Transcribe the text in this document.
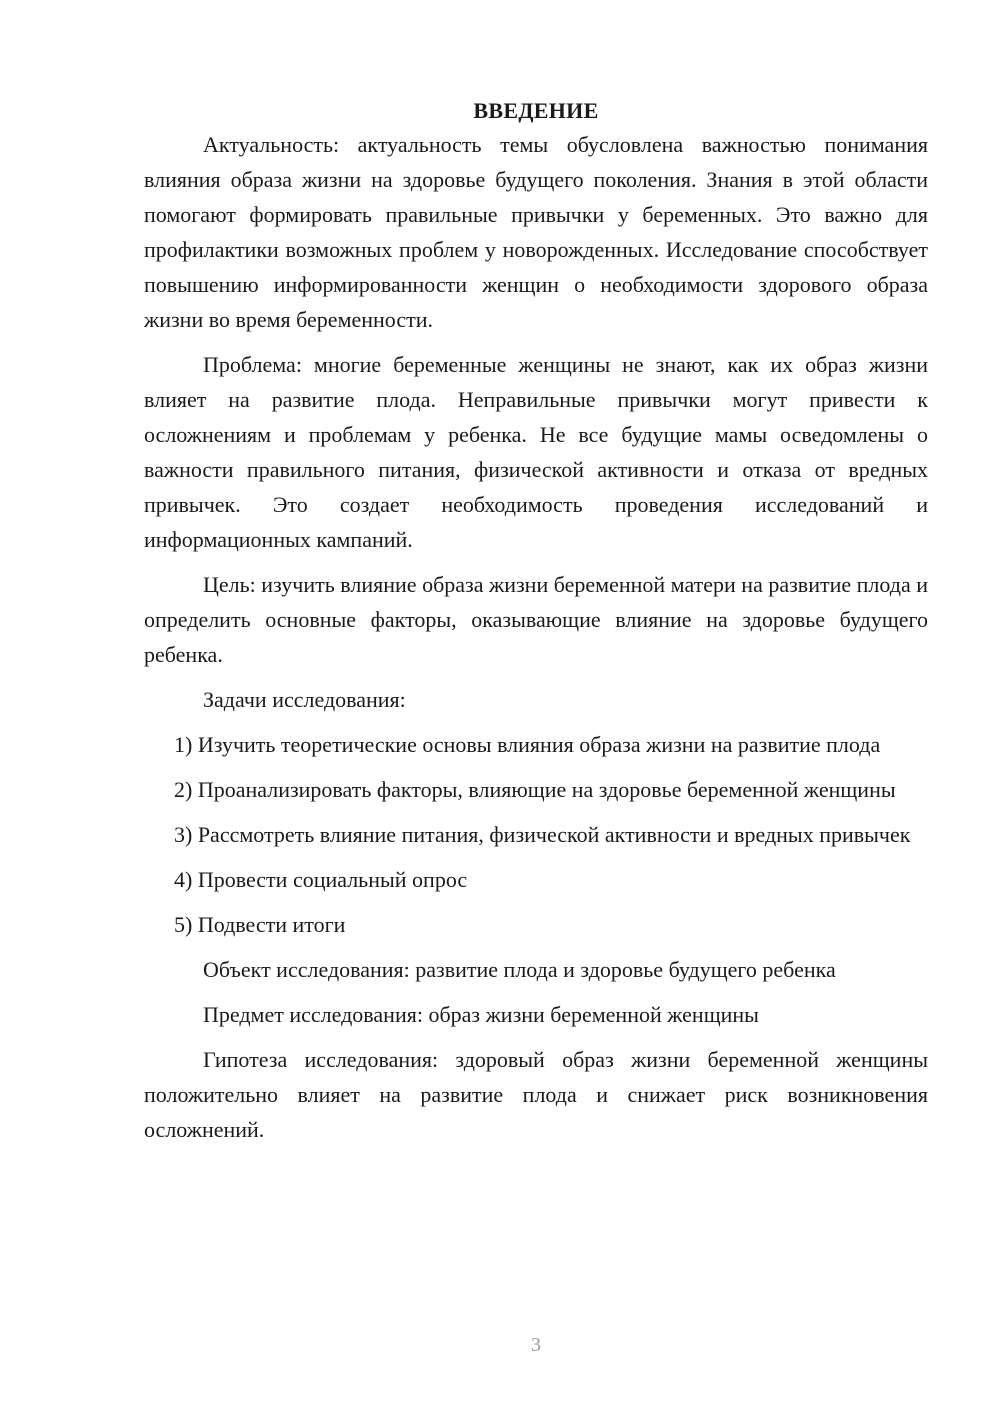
ВВЕДЕНИЕ

Актуальность: актуальность темы обусловлена важностью понимания влияния образа жизни на здоровье будущего поколения. Знания в этой области помогают формировать правильные привычки у беременных. Это важно для профилактики возможных проблем у новорожденных. Исследование способствует повышению информированности женщин о необходимости здорового образа жизни во время беременности.

Проблема: многие беременные женщины не знают, как их образ жизни влияет на развитие плода. Неправильные привычки могут привести к осложнениям и проблемам у ребенка. Не все будущие мамы осведомлены о важности правильного питания, физической активности и отказа от вредных привычек. Это создает необходимость проведения исследований и информационных кампаний.

Цель: изучить влияние образа жизни беременной матери на развитие плода и определить основные факторы, оказывающие влияние на здоровье будущего ребенка.

Задачи исследования:

1) Изучить теоретические основы влияния образа жизни на развитие плода

2) Проанализировать факторы, влияющие на здоровье беременной женщины

3) Рассмотреть влияние питания, физической активности и вредных привычек

4) Провести социальный опрос

5) Подвести итоги

Объект исследования: развитие плода и здоровье будущего ребенка

Предмет исследования: образ жизни беременной женщины

Гипотеза исследования: здоровый образ жизни беременной женщины положительно влияет на развитие плода и снижает риск возникновения осложнений.

3
